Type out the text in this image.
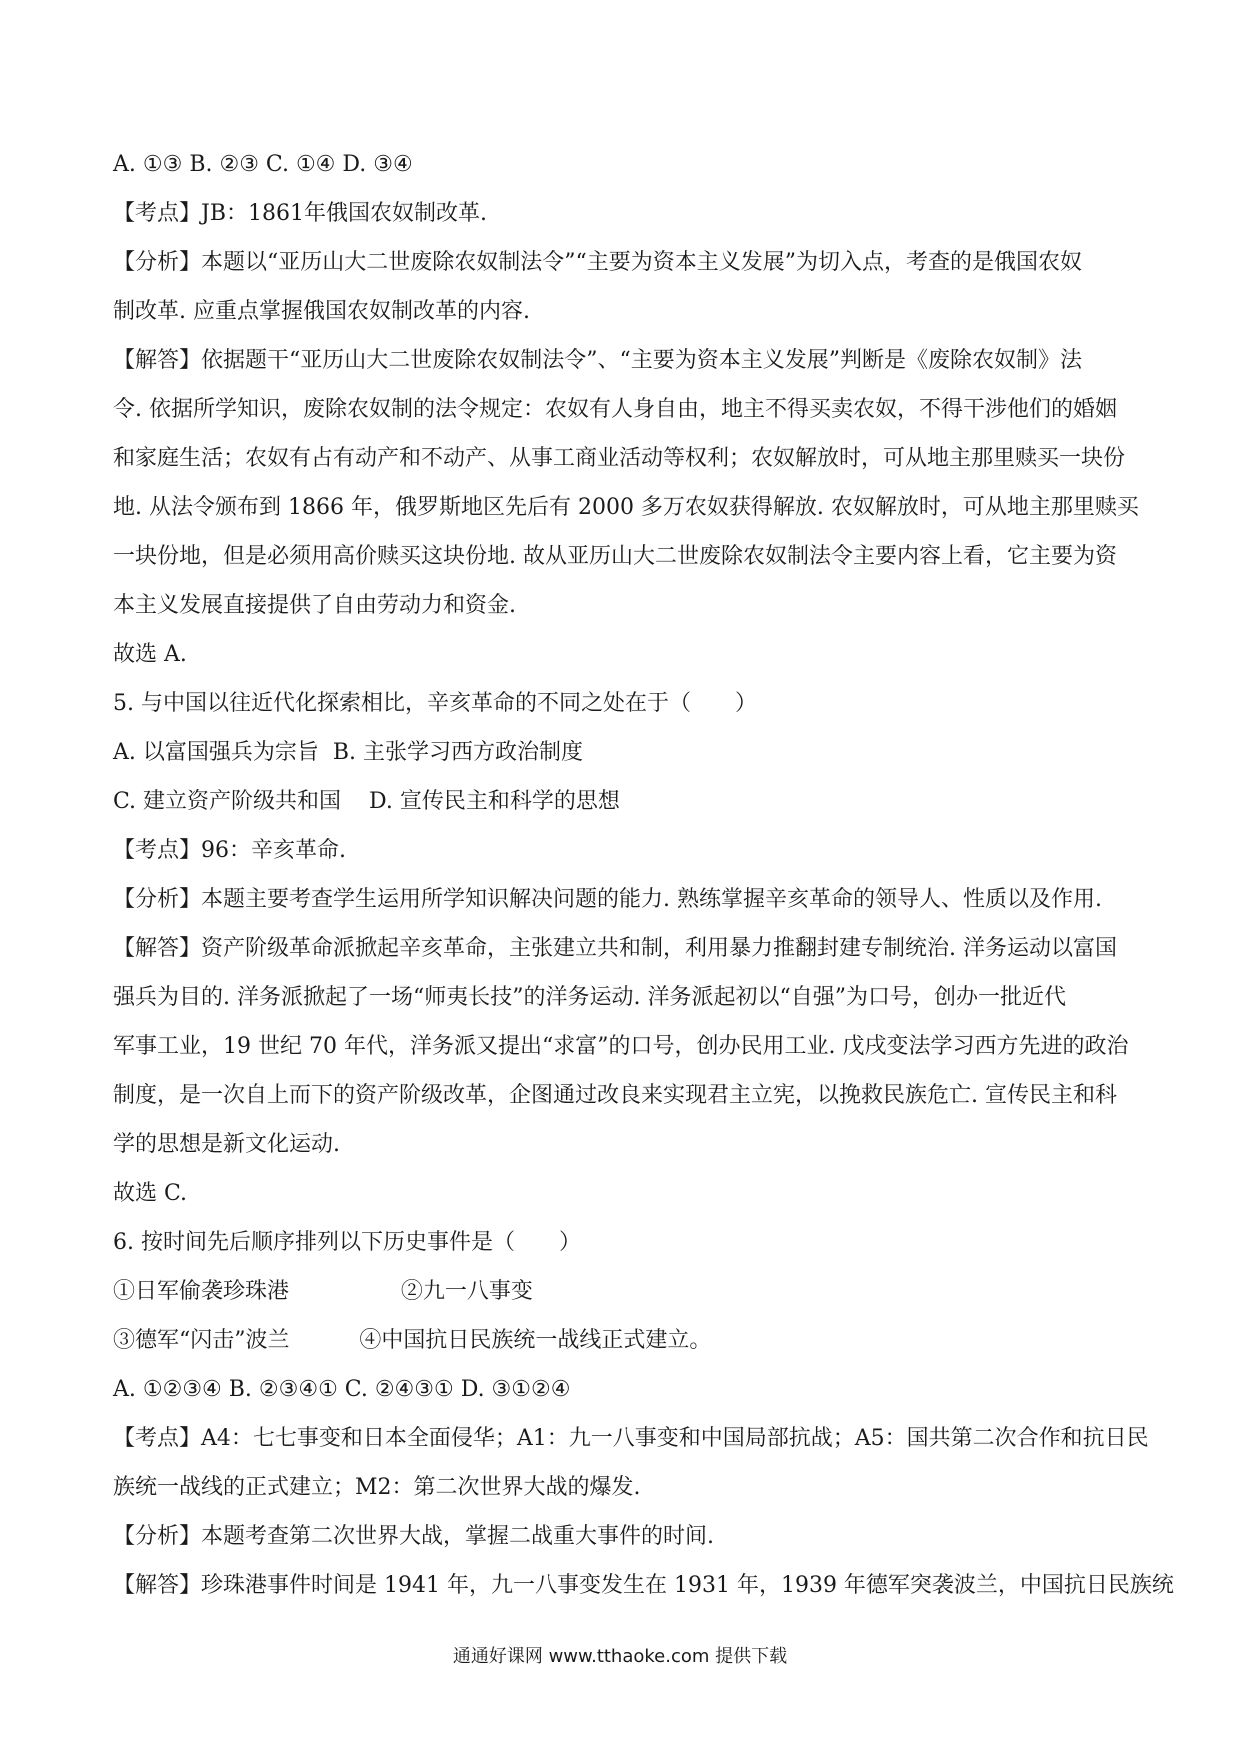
A. ①③ B. ②③ C. ①④ D. ③④

【考点】JB：1861年俄国农奴制改革.

【分析】本题以“亚历山大二世废除农奴制法令”“主要为资本主义发展”为切入点，考查的是俄国农奴

制改革. 应重点掌握俄国农奴制改革的内容.

【解答】依据题干“亚历山大二世废除农奴制法令”、“主要为资本主义发展”判断是《废除农奴制》法

令. 依据所学知识，废除农奴制的法令规定：农奴有人身自由，地主不得买卖农奴，不得干涉他们的婚姻

和家庭生活；农奴有占有动产和不动产、从事工商业活动等权利；农奴解放时，可从地主那里赎买一块份

地. 从法令颁布到 1866 年，俄罗斯地区先后有 2000 多万农奴获得解放. 农奴解放时，可从地主那里赎买

一块份地，但是必须用高价赎买这块份地. 故从亚历山大二世废除农奴制法令主要内容上看，它主要为资

本主义发展直接提供了自由劳动力和资金.

故选 A.

5. 与中国以往近代化探索相比，辛亥革命的不同之处在于（　　）

A. 以富国强兵为宗旨  B. 主张学习西方政治制度

C. 建立资产阶级共和国    D. 宣传民主和科学的思想

【考点】96：辛亥革命.

【分析】本题主要考查学生运用所学知识解决问题的能力. 熟练掌握辛亥革命的领导人、性质以及作用.

【解答】资产阶级革命派掀起辛亥革命，主张建立共和制，利用暴力推翻封建专制统治. 洋务运动以富国

强兵为目的. 洋务派掀起了一场“师夷长技”的洋务运动. 洋务派起初以“自强”为口号，创办一批近代

军事工业，19 世纪 70 年代，洋务派又提出“求富”的口号，创办民用工业. 戊戌变法学习西方先进的政治

制度，是一次自上而下的资产阶级改革，企图通过改良来实现君主立宪，以挽救民族危亡. 宣传民主和科

学的思想是新文化运动.

故选 C.

6. 按时间先后顺序排列以下历史事件是（　　）

①日军偷袭珍珠港                ②九一八事变

③德军“闪击”波兰          ④中国抗日民族统一战线正式建立。

A. ①②③④ B. ②③④① C. ②④③① D. ③①②④

【考点】A4：七七事变和日本全面侵华；A1：九一八事变和中国局部抗战；A5：国共第二次合作和抗日民

族统一战线的正式建立；M2：第二次世界大战的爆发.

【分析】本题考查第二次世界大战，掌握二战重大事件的时间.

【解答】珍珠港事件时间是 1941 年，九一八事变发生在 1931 年，1939 年德军突袭波兰，中国抗日民族统

通通好课网 www.tthaoke.com 提供下载
